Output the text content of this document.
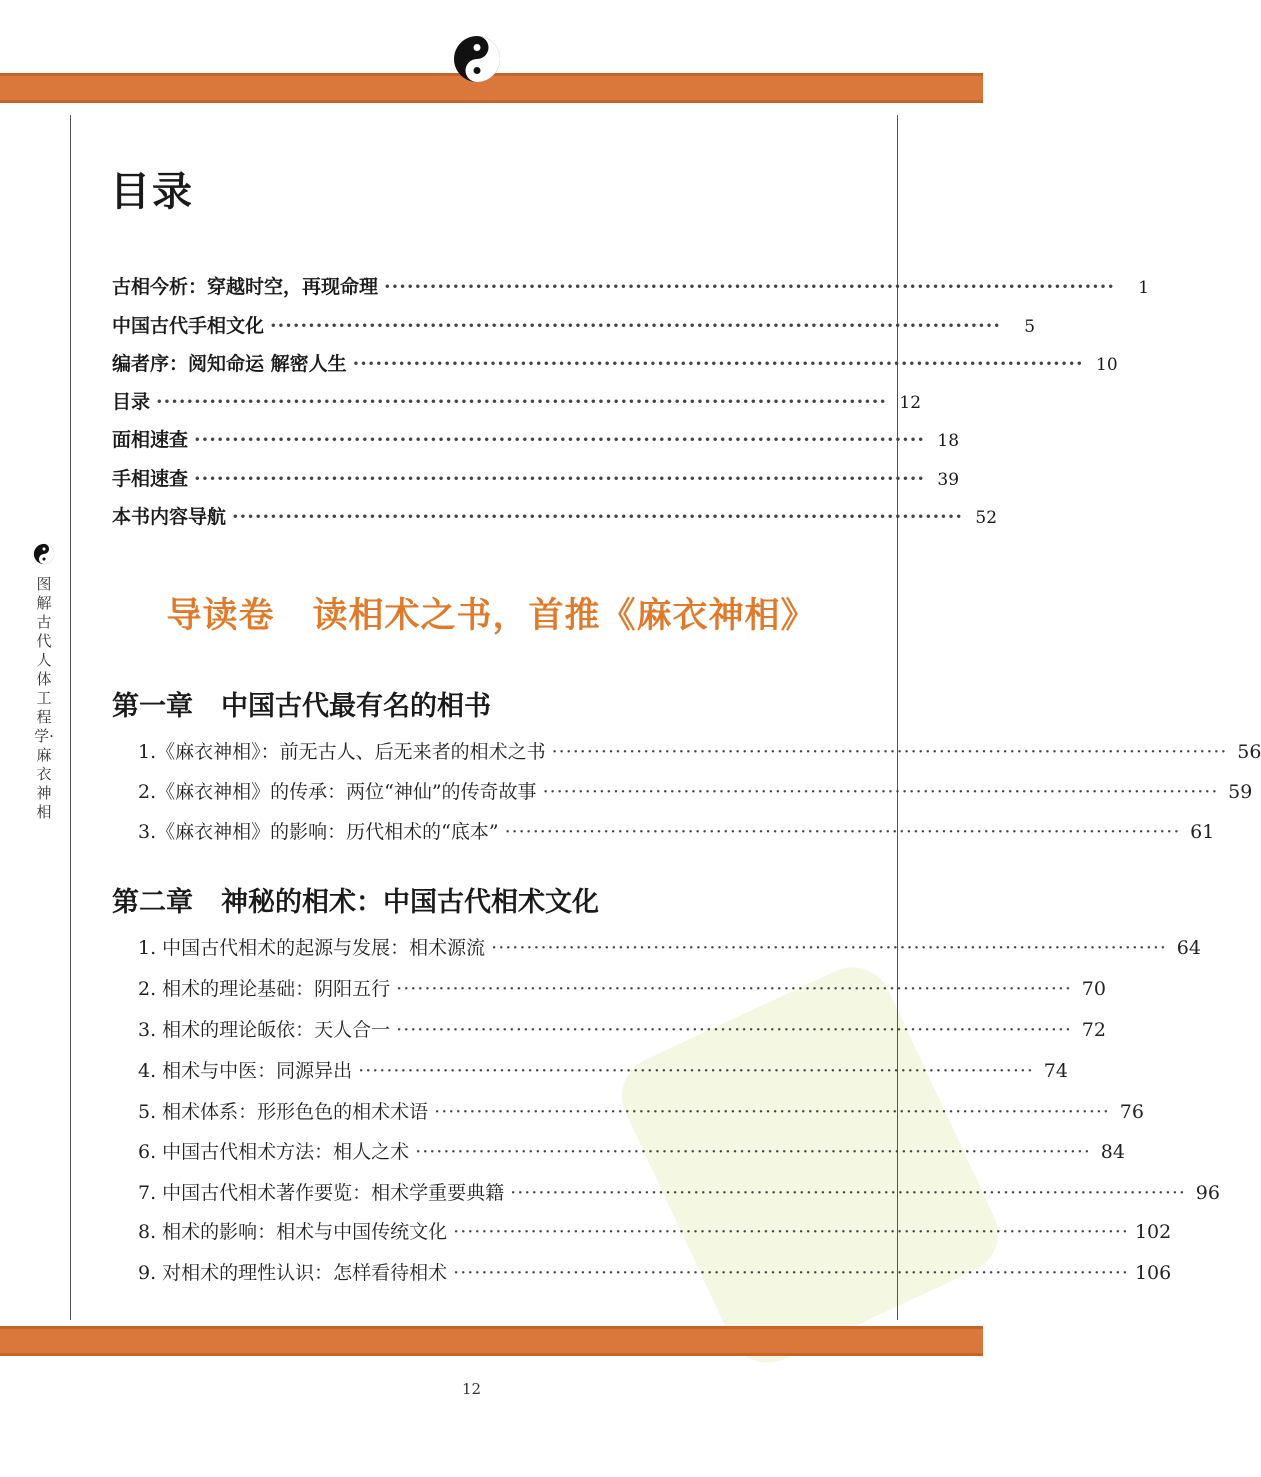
图解古代人体工程学·麻衣神相
目录
古相今析：穿越时空，再现命理 ································································································	1
中国古代手相文化 ································································································	5
编者序：阅知命运 解密人生 ································································································ 10
目录 ································································································ 12
面相速查 ································································································ 18
手相速查 ································································································ 39
本书内容导航 ································································································ 52
导读卷 读相术之书，首推《麻衣神相》
第一章 中国古代最有名的相书
1.《麻衣神相》：前无古人、后无来者的相术之书 ································································································ 56
2.《麻衣神相》的传承：两位“神仙”的传奇故事 ································································································ 59
3.《麻衣神相》的影响：历代相术的“底本” ································································································ 61
第二章 神秘的相术：中国古代相术文化
1. 中国古代相术的起源与发展：相术源流 ································································································ 64
2. 相术的理论基础：阴阳五行 ································································································ 70
3. 相术的理论皈依：天人合一 ································································································ 72
4. 相术与中医：同源异出 ································································································ 74
5. 相术体系：形形色色的相术术语 ································································································ 76
6. 中国古代相术方法：相人之术 ································································································ 84
7. 中国古代相术著作要览：相术学重要典籍 ································································································ 96
8. 相术的影响：相术与中国传统文化 ································································································ 102
9. 对相术的理性认识：怎样看待相术 ································································································ 106
12
